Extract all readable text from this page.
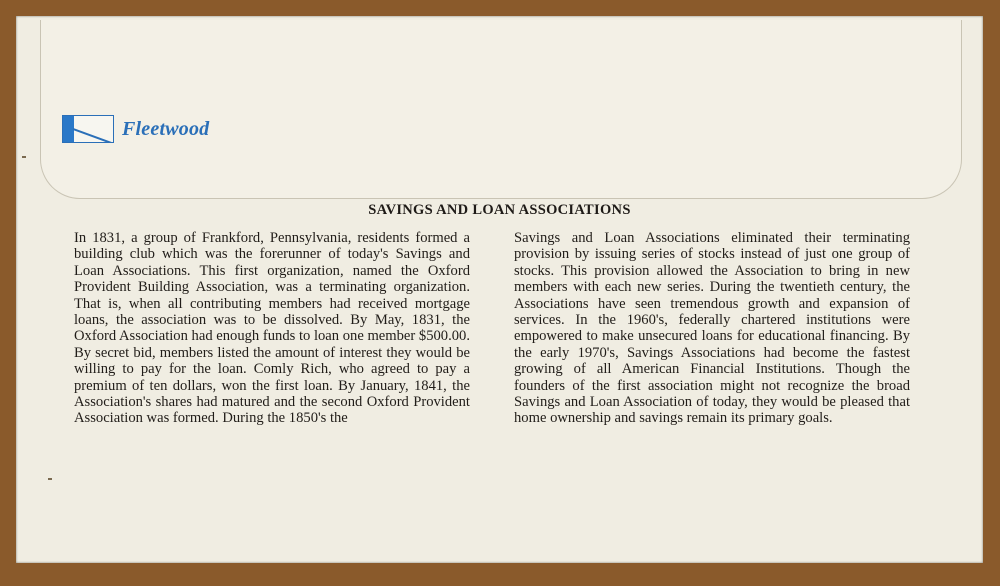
Fleetwood
SAVINGS AND LOAN ASSOCIATIONS

In 1831, a group of Frankford, Pennsylvania, residents formed a building club which was the forerunner of today's Savings and Loan Associations. This first organization, named the Oxford Provident Building Association, was a terminating organization. That is, when all contributing members had received mortgage loans, the association was to be dissolved. By May, 1831, the Oxford Association had enough funds to loan one member $500.00. By secret bid, members listed the amount of interest they would be willing to pay for the loan. Comly Rich, who agreed to pay a premium of ten dollars, won the first loan. By January, 1841, the Association's shares had matured and the second Oxford Provident Association was formed. During the 1850's the

Savings and Loan Associations eliminated their terminating provision by issuing series of stocks instead of just one group of stocks. This provision allowed the Association to bring in new members with each new series. During the twentieth century, the Associations have seen tremendous growth and expansion of services. In the 1960's, federally chartered institutions were empowered to make unsecured loans for educational financing. By the early 1970's, Savings Associations had become the fastest growing of all American Financial Institutions. Though the founders of the first association might not recognize the broad Savings and Loan Association of today, they would be pleased that home ownership and savings remain its primary goals.
